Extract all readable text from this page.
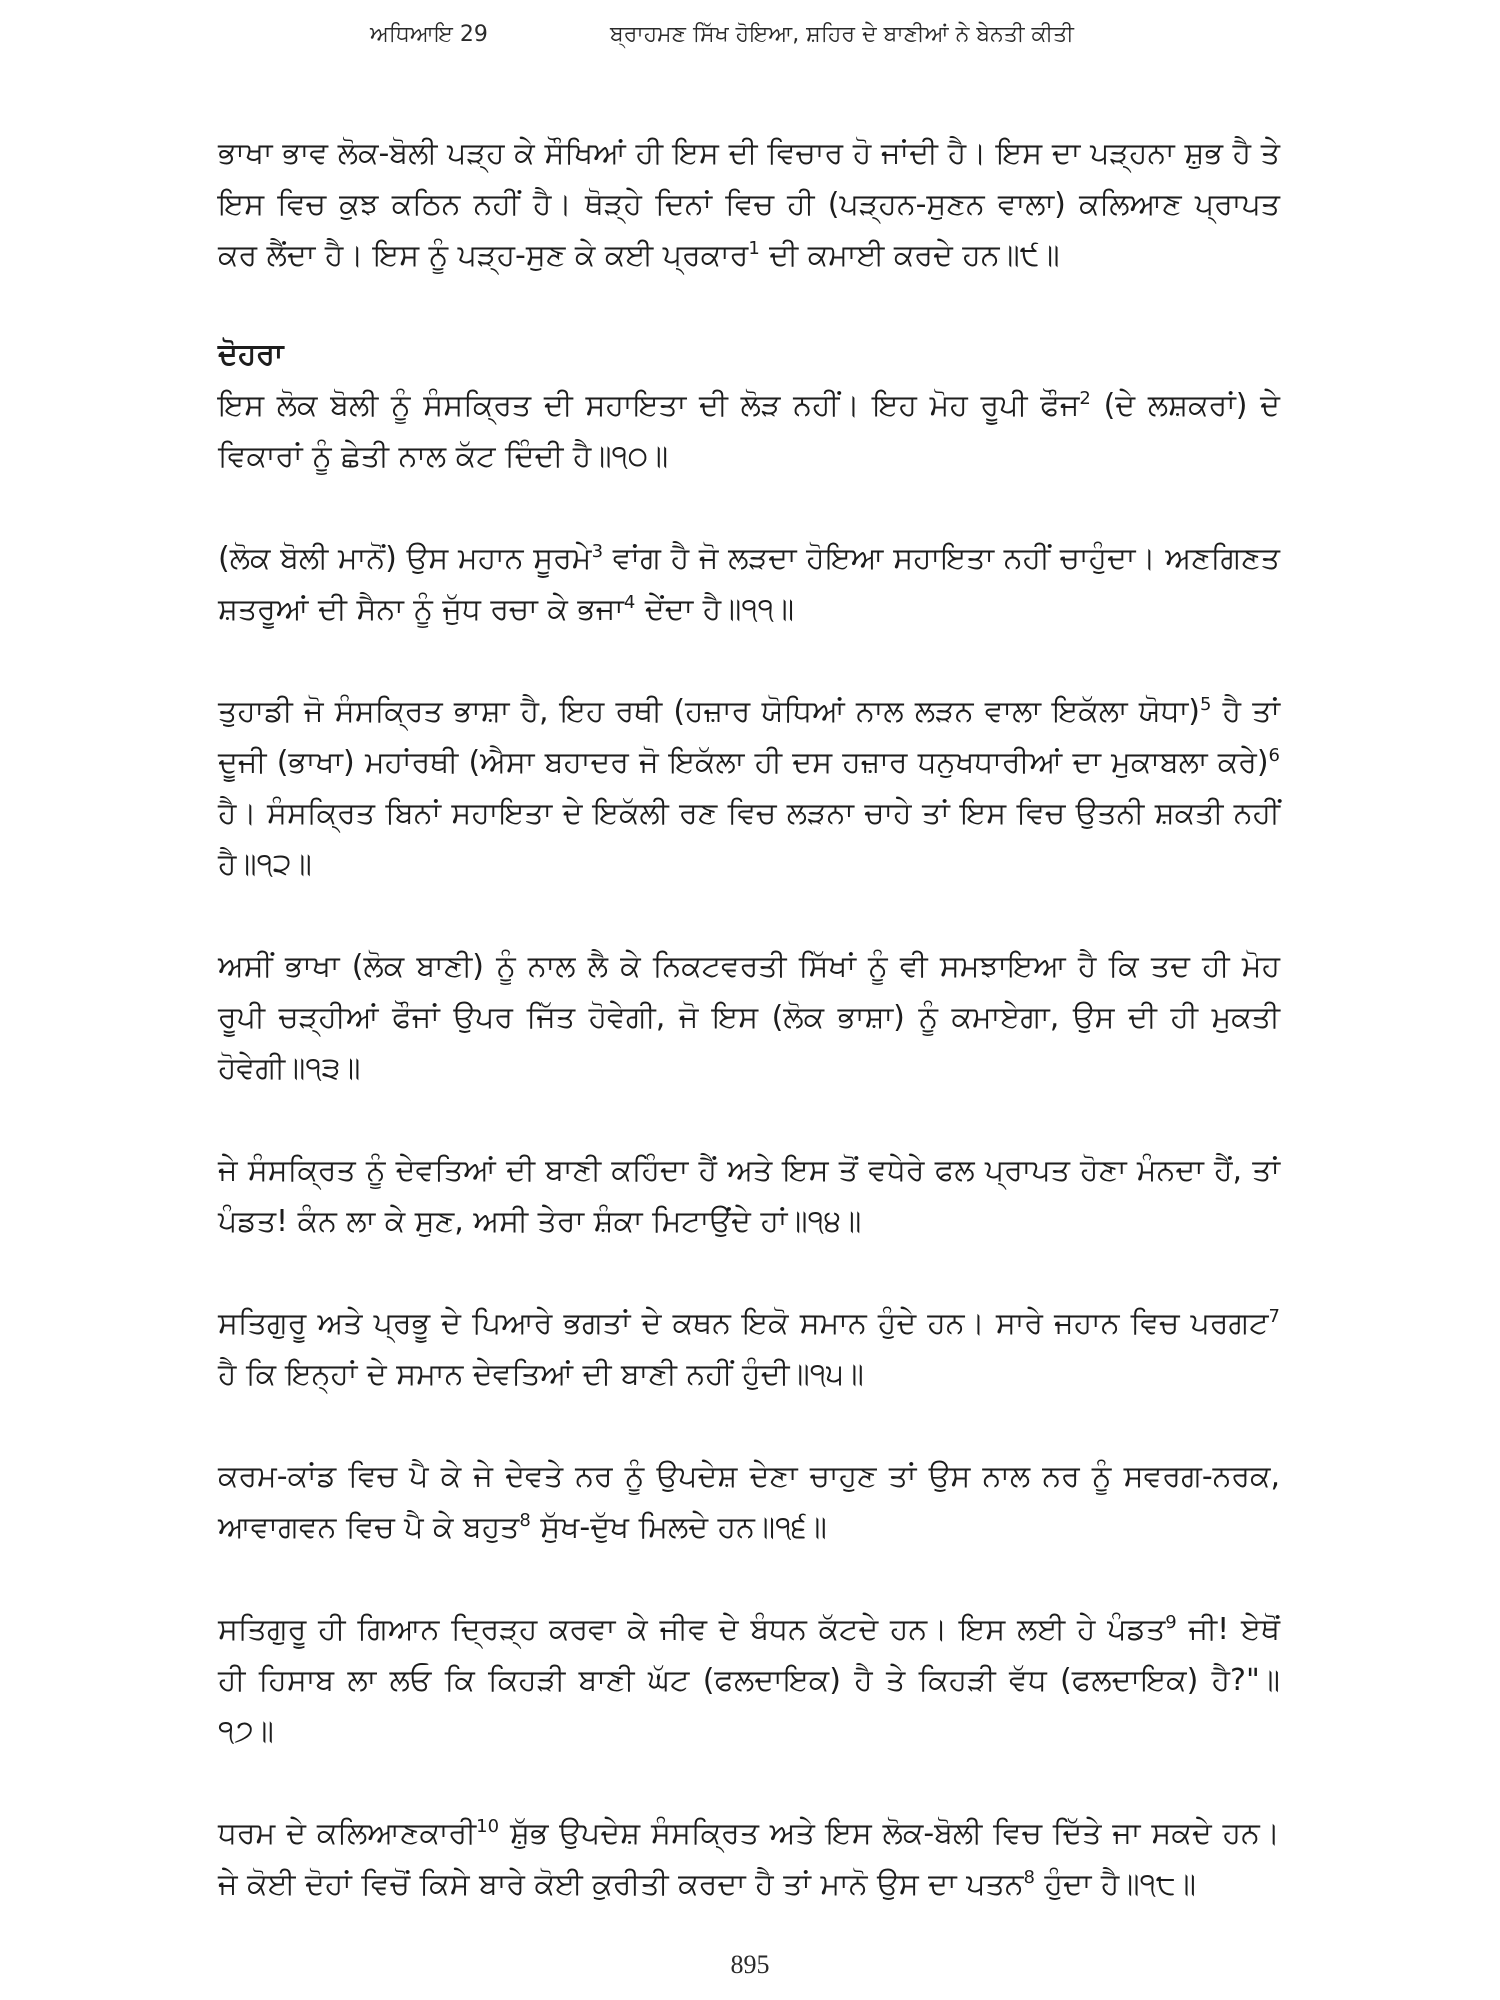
ਅਧਿਆਇ 29	ਬ੍ਰਾਹਮਣ ਸਿੱਖ ਹੋਇਆ, ਸ਼ਹਿਰ ਦੇ ਬਾਣੀਆਂ ਨੇ ਬੇਨਤੀ ਕੀਤੀ

ਭਾਖਾ ਭਾਵ ਲੋਕ-ਬੋਲੀ ਪੜ੍ਹ ਕੇ ਸੌਖਿਆਂ ਹੀ ਇਸ ਦੀ ਵਿਚਾਰ ਹੋ ਜਾਂਦੀ ਹੈ। ਇਸ ਦਾ ਪੜ੍ਹਨਾ ਸ਼ੁਭ ਹੈ ਤੇ ਇਸ ਵਿਚ ਕੁਝ ਕਠਿਨ ਨਹੀਂ ਹੈ। ਥੋੜ੍ਹੇ ਦਿਨਾਂ ਵਿਚ ਹੀ (ਪੜ੍ਹਨ-ਸੁਣਨ ਵਾਲਾ) ਕਲਿਆਣ ਪ੍ਰਾਪਤ ਕਰ ਲੈਂਦਾ ਹੈ। ਇਸ ਨੂੰ ਪੜ੍ਹ-ਸੁਣ ਕੇ ਕਈ ਪ੍ਰਕਾਰ$^1$ ਦੀ ਕਮਾਈ ਕਰਦੇ ਹਨ॥੯॥

ਦੋਹਰਾ

ਇਸ ਲੋਕ ਬੋਲੀ ਨੂੰ ਸੰਸਕ੍ਰਿਤ ਦੀ ਸਹਾਇਤਾ ਦੀ ਲੋੜ ਨਹੀਂ। ਇਹ ਮੋਹ ਰੂਪੀ ਫੌਜ$^2$ (ਦੇ ਲਸ਼ਕਰਾਂ) ਦੇ ਵਿਕਾਰਾਂ ਨੂੰ ਛੇਤੀ ਨਾਲ ਕੱਟ ਦਿੰਦੀ ਹੈ॥੧੦॥

(ਲੋਕ ਬੋਲੀ ਮਾਨੋਂ) ਉਸ ਮਹਾਨ ਸੂਰਮੇ$^3$ ਵਾਂਗ ਹੈ ਜੋ ਲੜਦਾ ਹੋਇਆ ਸਹਾਇਤਾ ਨਹੀਂ ਚਾਹੁੰਦਾ। ਅਣਗਿਣਤ ਸ਼ਤਰੂਆਂ ਦੀ ਸੈਨਾ ਨੂੰ ਜੁੱਧ ਰਚਾ ਕੇ ਭਜਾ$^4$ ਦੇਂਦਾ ਹੈ॥੧੧॥

ਤੁਹਾਡੀ ਜੋ ਸੰਸਕ੍ਰਿਤ ਭਾਸ਼ਾ ਹੈ, ਇਹ ਰਥੀ (ਹਜ਼ਾਰ ਯੋਧਿਆਂ ਨਾਲ ਲੜਨ ਵਾਲਾ ਇਕੱਲਾ ਯੋਧਾ)$^5$ ਹੈ ਤਾਂ ਦੂਜੀ (ਭਾਖਾ) ਮਹਾਂਰਥੀ (ਐਸਾ ਬਹਾਦਰ ਜੋ ਇਕੱਲਾ ਹੀ ਦਸ ਹਜ਼ਾਰ ਧਨੁਖਧਾਰੀਆਂ ਦਾ ਮੁਕਾਬਲਾ ਕਰੇ)$^6$ ਹੈ। ਸੰਸਕ੍ਰਿਤ ਬਿਨਾਂ ਸਹਾਇਤਾ ਦੇ ਇਕੱਲੀ ਰਣ ਵਿਚ ਲੜਨਾ ਚਾਹੇ ਤਾਂ ਇਸ ਵਿਚ ਉਤਨੀ ਸ਼ਕਤੀ ਨਹੀਂ ਹੈ॥੧੨॥

ਅਸੀਂ ਭਾਖਾ (ਲੋਕ ਬਾਣੀ) ਨੂੰ ਨਾਲ ਲੈ ਕੇ ਨਿਕਟਵਰਤੀ ਸਿੱਖਾਂ ਨੂੰ ਵੀ ਸਮਝਾਇਆ ਹੈ ਕਿ ਤਦ ਹੀ ਮੋਹ ਰੂਪੀ ਚੜ੍ਹੀਆਂ ਫੌਜਾਂ ਉਪਰ ਜਿੱਤ ਹੋਵੇਗੀ, ਜੋ ਇਸ (ਲੋਕ ਭਾਸ਼ਾ) ਨੂੰ ਕਮਾਏਗਾ, ਉਸ ਦੀ ਹੀ ਮੁਕਤੀ ਹੋਵੇਗੀ॥੧੩॥

ਜੇ ਸੰਸਕ੍ਰਿਤ ਨੂੰ ਦੇਵਤਿਆਂ ਦੀ ਬਾਣੀ ਕਹਿੰਦਾ ਹੈਂ ਅਤੇ ਇਸ ਤੋਂ ਵਧੇਰੇ ਫਲ ਪ੍ਰਾਪਤ ਹੋਣਾ ਮੰਨਦਾ ਹੈਂ, ਤਾਂ ਪੰਡਤ! ਕੰਨ ਲਾ ਕੇ ਸੁਣ, ਅਸੀ ਤੇਰਾ ਸ਼ੰਕਾ ਮਿਟਾਉਂਦੇ ਹਾਂ॥੧੪॥

ਸਤਿਗੁਰੂ ਅਤੇ ਪ੍ਰਭੂ ਦੇ ਪਿਆਰੇ ਭਗਤਾਂ ਦੇ ਕਥਨ ਇਕੋ ਸਮਾਨ ਹੁੰਦੇ ਹਨ। ਸਾਰੇ ਜਹਾਨ ਵਿਚ ਪਰਗਟ$^7$ ਹੈ ਕਿ ਇਨ੍ਹਾਂ ਦੇ ਸਮਾਨ ਦੇਵਤਿਆਂ ਦੀ ਬਾਣੀ ਨਹੀਂ ਹੁੰਦੀ॥੧੫॥

ਕਰਮ-ਕਾਂਡ ਵਿਚ ਪੈ ਕੇ ਜੇ ਦੇਵਤੇ ਨਰ ਨੂੰ ਉਪਦੇਸ਼ ਦੇਣਾ ਚਾਹੁਣ ਤਾਂ ਉਸ ਨਾਲ ਨਰ ਨੂੰ ਸਵਰਗ-ਨਰਕ, ਆਵਾਗਵਨ ਵਿਚ ਪੈ ਕੇ ਬਹੁਤ$^8$ ਸੁੱਖ-ਦੁੱਖ ਮਿਲਦੇ ਹਨ॥੧੬॥

ਸਤਿਗੁਰੂ ਹੀ ਗਿਆਨ ਦ੍ਰਿੜ੍ਹ ਕਰਵਾ ਕੇ ਜੀਵ ਦੇ ਬੰਧਨ ਕੱਟਦੇ ਹਨ। ਇਸ ਲਈ ਹੇ ਪੰਡਤ$^9$ ਜੀ! ਏਥੋਂ ਹੀ ਹਿਸਾਬ ਲਾ ਲਓ ਕਿ ਕਿਹੜੀ ਬਾਣੀ ਘੱਟ (ਫਲਦਾਇਕ) ਹੈ ਤੇ ਕਿਹੜੀ ਵੱਧ (ਫਲਦਾਇਕ) ਹੈ?"॥੧੭॥

ਧਰਮ ਦੇ ਕਲਿਆਣਕਾਰੀ$^{10}$ ਸ਼ੁੱਭ ਉਪਦੇਸ਼ ਸੰਸਕ੍ਰਿਤ ਅਤੇ ਇਸ ਲੋਕ-ਬੋਲੀ ਵਿਚ ਦਿੱਤੇ ਜਾ ਸਕਦੇ ਹਨ। ਜੇ ਕੋਈ ਦੋਹਾਂ ਵਿਚੋਂ ਕਿਸੇ ਬਾਰੇ ਕੋਈ ਕੁਰੀਤੀ ਕਰਦਾ ਹੈ ਤਾਂ ਮਾਨੋ ਉਸ ਦਾ ਪਤਨ$^8$ ਹੁੰਦਾ ਹੈ॥੧੮॥

895
